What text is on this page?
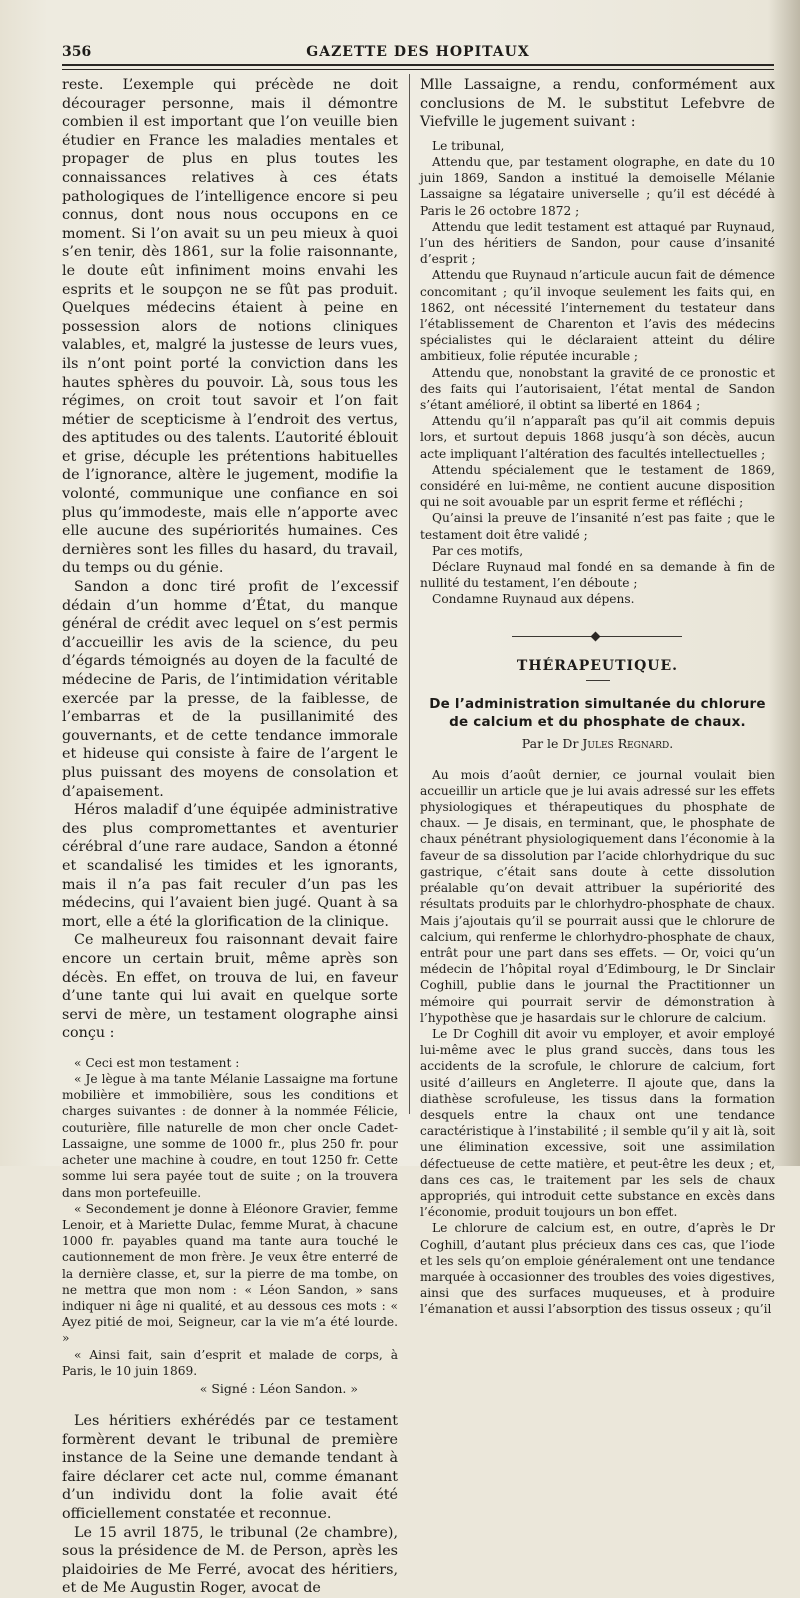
356	GAZETTE DES HOPITAUX

reste. L’exemple qui précède ne doit décourager personne, mais il démontre combien il est important que l’on veuille bien étudier en France les maladies mentales et propager de plus en plus toutes les connaissances relatives à ces états pathologiques de l’intelligence encore si peu connus, dont nous nous occupons en ce moment. Si l’on avait su un peu mieux à quoi s’en tenir, dès 1861, sur la folie raisonnante, le doute eût infiniment moins envahi les esprits et le soupçon ne se fût pas produit. Quelques médecins étaient à peine en possession alors de notions cliniques valables, et, malgré la justesse de leurs vues, ils n’ont point porté la conviction dans les hautes sphères du pouvoir. Là, sous tous les régimes, on croit tout savoir et l’on fait métier de scepticisme à l’endroit des vertus, des aptitudes ou des talents. L’autorité éblouit et grise, décuple les prétentions habituelles de l’ignorance, altère le jugement, modifie la volonté, communique une confiance en soi plus qu’immodeste, mais elle n’apporte avec elle aucune des supériorités humaines. Ces dernières sont les filles du hasard, du travail, du temps ou du génie.

Sandon a donc tiré profit de l’excessif dédain d’un homme d’État, du manque général de crédit avec lequel on s’est permis d’accueillir les avis de la science, du peu d’égards témoignés au doyen de la faculté de médecine de Paris, de l’intimidation véritable exercée par la presse, de la faiblesse, de l’embarras et de la pusillanimité des gouvernants, et de cette tendance immorale et hideuse qui consiste à faire de l’argent le plus puissant des moyens de consolation et d’apaisement.

Héros maladif d’une équipée administrative des plus compromettantes et aventurier cérébral d’une rare audace, Sandon a étonné et scandalisé les timides et les ignorants, mais il n’a pas fait reculer d’un pas les médecins, qui l’avaient bien jugé. Quant à sa mort, elle a été la glorification de la clinique.

Ce malheureux fou raisonnant devait faire encore un certain bruit, même après son décès. En effet, on trouva de lui, en faveur d’une tante qui lui avait en quelque sorte servi de mère, un testament olographe ainsi conçu :

« Ceci est mon testament :

« Je lègue à ma tante Mélanie Lassaigne ma fortune mobilière et immobilière, sous les conditions et charges suivantes : de donner à la nommée Félicie, couturière, fille naturelle de mon cher oncle Cadet-Lassaigne, une somme de 1000 fr., plus 250 fr. pour acheter une machine à coudre, en tout 1250 fr. Cette somme lui sera payée tout de suite ; on la trouvera dans mon portefeuille.

« Secondement je donne à Eléonore Gravier, femme Lenoir, et à Mariette Dulac, femme Murat, à chacune 1000 fr. payables quand ma tante aura touché le cautionnement de mon frère. Je veux être enterré de la dernière classe, et, sur la pierre de ma tombe, on ne mettra que mon nom : « Léon Sandon, » sans indiquer ni âge ni qualité, et au dessous ces mots : « Ayez pitié de moi, Seigneur, car la vie m’a été lourde. »

« Ainsi fait, sain d’esprit et malade de corps, à Paris, le 10 juin 1869.

« Signé : Léon Sandon. »

Les héritiers exhérédés par ce testament formèrent devant le tribunal de première instance de la Seine une demande tendant à faire déclarer cet acte nul, comme émanant d’un individu dont la folie avait été officiellement constatée et reconnue.

Le 15 avril 1875, le tribunal (2e chambre), sous la présidence de M. de Person, après les plaidoiries de Me Ferré, avocat des héritiers, et de Me Augustin Roger, avocat de

Mlle Lassaigne, a rendu, conformément aux conclusions de M. le substitut Lefebvre de Viefville le jugement suivant :

Le tribunal,

Attendu que, par testament olographe, en date du 10 juin 1869, Sandon a institué la demoiselle Mélanie Lassaigne sa légataire universelle ; qu’il est décédé à Paris le 26 octobre 1872 ;

Attendu que ledit testament est attaqué par Ruynaud, l’un des héritiers de Sandon, pour cause d’insanité d’esprit ;

Attendu que Ruynaud n’articule aucun fait de démence concomitant ; qu’il invoque seulement les faits qui, en 1862, ont nécessité l’internement du testateur dans l’établissement de Charenton et l’avis des médecins spécialistes qui le déclaraient atteint du délire ambitieux, folie réputée incurable ;

Attendu que, nonobstant la gravité de ce pronostic et des faits qui l’autorisaient, l’état mental de Sandon s’étant amélioré, il obtint sa liberté en 1864 ;

Attendu qu’il n’apparaît pas qu’il ait commis depuis lors, et surtout depuis 1868 jusqu’à son décès, aucun acte impliquant l’altération des facultés intellectuelles ;

Attendu spécialement que le testament de 1869, considéré en lui-même, ne contient aucune disposition qui ne soit avouable par un esprit ferme et réfléchi ;

Qu’ainsi la preuve de l’insanité n’est pas faite ; que le testament doit être validé ;

Par ces motifs,

Déclare Ruynaud mal fondé en sa demande à fin de nullité du testament, l’en déboute ;

Condamne Ruynaud aux dépens.

THÉRAPEUTIQUE.
De l’administration simultanée du chlorure de calcium et du phosphate de chaux.
Par le Dr Jules Regnard.

Au mois d’août dernier, ce journal voulait bien accueillir un article que je lui avais adressé sur les effets physiologiques et thérapeutiques du phosphate de chaux. — Je disais, en terminant, que, le phosphate de chaux pénétrant physiologiquement dans l’économie à la faveur de sa dissolution par l’acide chlorhydrique du suc gastrique, c’était sans doute à cette dissolution préalable qu’on devait attribuer la supériorité des résultats produits par le chlorhydro-phosphate de chaux. Mais j’ajoutais qu’il se pourrait aussi que le chlorure de calcium, qui renferme le chlorhydro-phosphate de chaux, entrât pour une part dans ses effets. — Or, voici qu’un médecin de l’hôpital royal d’Edimbourg, le Dr Sinclair Coghill, publie dans le journal the Practitionner un mémoire qui pourrait servir de démonstration à l’hypothèse que je hasardais sur le chlorure de calcium.

Le Dr Coghill dit avoir vu employer, et avoir employé lui-même avec le plus grand succès, dans tous les accidents de la scrofule, le chlorure de calcium, fort usité d’ailleurs en Angleterre. Il ajoute que, dans la diathèse scrofuleuse, les tissus dans la formation desquels entre la chaux ont une tendance caractéristique à l’instabilité ; il semble qu’il y ait là, soit une élimination excessive, soit une assimilation défectueuse de cette matière, et peut-être les deux ; et, dans ces cas, le traitement par les sels de chaux appropriés, qui introduit cette substance en excès dans l’économie, produit toujours un bon effet.

Le chlorure de calcium est, en outre, d’après le Dr Coghill, d’autant plus précieux dans ces cas, que l’iode et les sels qu’on emploie généralement ont une tendance marquée à occasionner des troubles des voies digestives, ainsi que des surfaces muqueuses, et à produire l’émanation et aussi l’absorption des tissus osseux ; qu’il
